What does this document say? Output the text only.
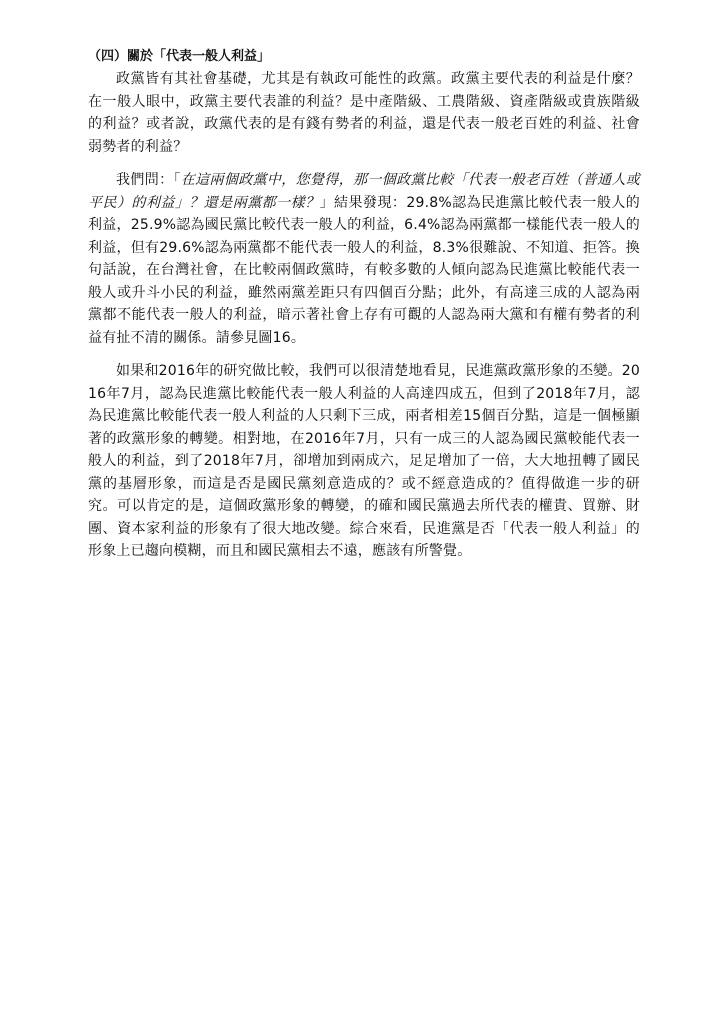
（四）關於「代表一般人利益」

政黨皆有其社會基礎，尤其是有執政可能性的政黨。政黨主要代表的利益是什麼？在一般人眼中，政黨主要代表誰的利益？是中產階級、工農階級、資產階級或貴族階級的利益？或者說，政黨代表的是有錢有勢者的利益，還是代表一般老百姓的利益、社會弱勢者的利益？

我們問：「在這兩個政黨中，您覺得，那一個政黨比較「代表一般老百姓（普通人或平民）的利益」？還是兩黨都一樣？」結果發現：29.8%認為民進黨比較代表一般人的利益，25.9%認為國民黨比較代表一般人的利益，6.4%認為兩黨都一樣能代表一般人的利益，但有29.6%認為兩黨都不能代表一般人的利益，8.3%很難說、不知道、拒答。換句話說，在台灣社會，在比較兩個政黨時，有較多數的人傾向認為民進黨比較能代表一般人或升斗小民的利益，雖然兩黨差距只有四個百分點；此外，有高達三成的人認為兩黨都不能代表一般人的利益，暗示著社會上存有可觀的人認為兩大黨和有權有勢者的利益有扯不清的關係。請參見圖16。

如果和2016年的研究做比較，我們可以很清楚地看見，民進黨政黨形象的丕變。2016年7月，認為民進黨比較能代表一般人利益的人高達四成五，但到了2018年7月，認為民進黨比較能代表一般人利益的人只剩下三成，兩者相差15個百分點，這是一個極顯著的政黨形象的轉變。相對地，在2016年7月，只有一成三的人認為國民黨較能代表一般人的利益，到了2018年7月，卻增加到兩成六，足足增加了一倍，大大地扭轉了國民黨的基層形象，而這是否是國民黨刻意造成的？或不經意造成的？值得做進一步的研究。可以肯定的是，這個政黨形象的轉變，的確和國民黨過去所代表的權貴、買辦、財團、資本家利益的形象有了很大地改變。綜合來看，民進黨是否「代表一般人利益」的形象上已趨向模糊，而且和國民黨相去不遠，應該有所警覺。
